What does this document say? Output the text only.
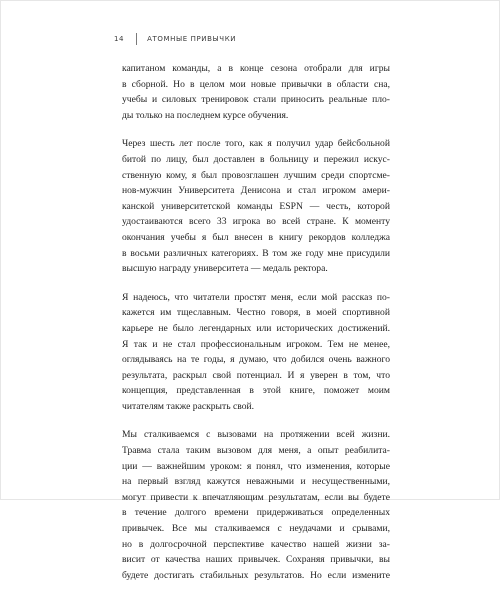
14	АТОМНЫЕ ПРИВЫЧКИ

капитаном команды, а в конце сезона отобрали для игры
в сборной. Но в целом мои новые привычки в области сна,
учебы и силовых тренировок стали приносить реальные пло-
ды только на последнем курсе обучения.

Через шесть лет после того, как я получил удар бейсбольной
битой по лицу, был доставлен в больницу и пережил искус-
ственную кому, я был провозглашен лучшим среди спортсме-
нов-мужчин Университета Денисона и стал игроком амери-
канской университетской команды ESPN — честь, которой
удостаиваются всего 33 игрока во всей стране. К моменту
окончания учебы я был внесен в книгу рекордов колледжа
в восьми различных категориях. В том же году мне присудили
высшую награду университета — медаль ректора.

Я надеюсь, что читатели простят меня, если мой рассказ по-
кажется им тщеславным. Честно говоря, в моей спортивной
карьере не было легендарных или исторических достижений.
Я так и не стал профессиональным игроком. Тем не менее,
оглядываясь на те годы, я думаю, что добился очень важного
результата, раскрыл свой потенциал. И я уверен в том, что
концепция, представленная в этой книге, поможет моим
читателям также раскрыть свой.

Мы сталкиваемся с вызовами на протяжении всей жизни.
Травма стала таким вызовом для меня, а опыт реабилита-
ции — важнейшим уроком: я понял, что изменения, которые
на первый взгляд кажутся неважными и несущественными,
могут привести к впечатляющим результатам, если вы будете
в течение долгого времени придерживаться определенных
привычек. Все мы сталкиваемся с неудачами и срывами,
но в долгосрочной перспективе качество нашей жизни за-
висит от качества наших привычек. Сохраняя привычки, вы
будете достигать стабильных результатов. Но если измените
